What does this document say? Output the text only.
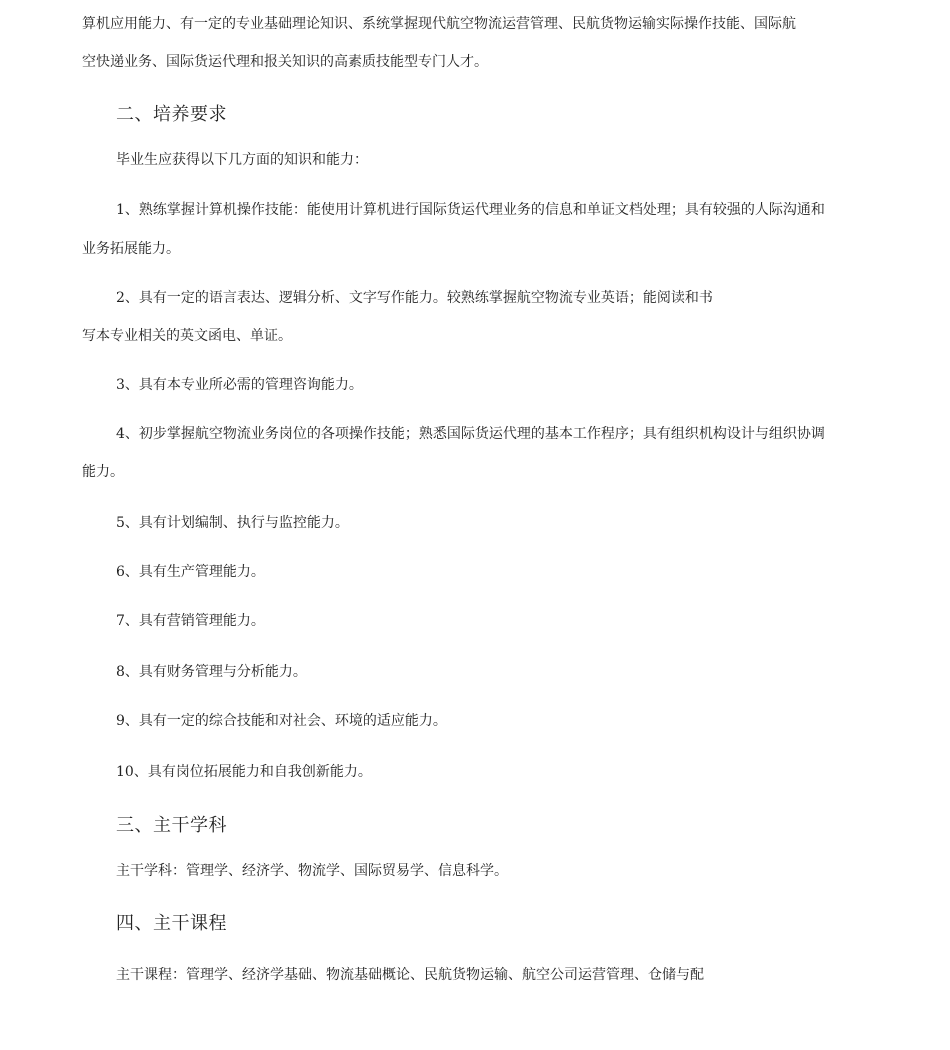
算机应用能力、有一定的专业基础理论知识、系统掌握现代航空物流运营管理、民航货物运输实际操作技能、国际航
空快递业务、国际货运代理和报关知识的高素质技能型专门人才。
二、培养要求
毕业生应获得以下几方面的知识和能力：
1、熟练掌握计算机操作技能：能使用计算机进行国际货运代理业务的信息和单证文档处理；具有较强的人际沟通和
业务拓展能力。
2、具有一定的语言表达、逻辑分析、文字写作能力。较熟练掌握航空物流专业英语；能阅读和书
写本专业相关的英文函电、单证。
3、具有本专业所必需的管理咨询能力。
4、初步掌握航空物流业务岗位的各项操作技能；熟悉国际货运代理的基本工作程序；具有组织机构设计与组织协调
能力。
5、具有计划编制、执行与监控能力。
6、具有生产管理能力。
7、具有营销管理能力。
8、具有财务管理与分析能力。
9、具有一定的综合技能和对社会、环境的适应能力。
10、具有岗位拓展能力和自我创新能力。
三、主干学科
主干学科：管理学、经济学、物流学、国际贸易学、信息科学。
四、主干课程
主干课程：管理学、经济学基础、物流基础概论、民航货物运输、航空公司运营管理、仓储与配
